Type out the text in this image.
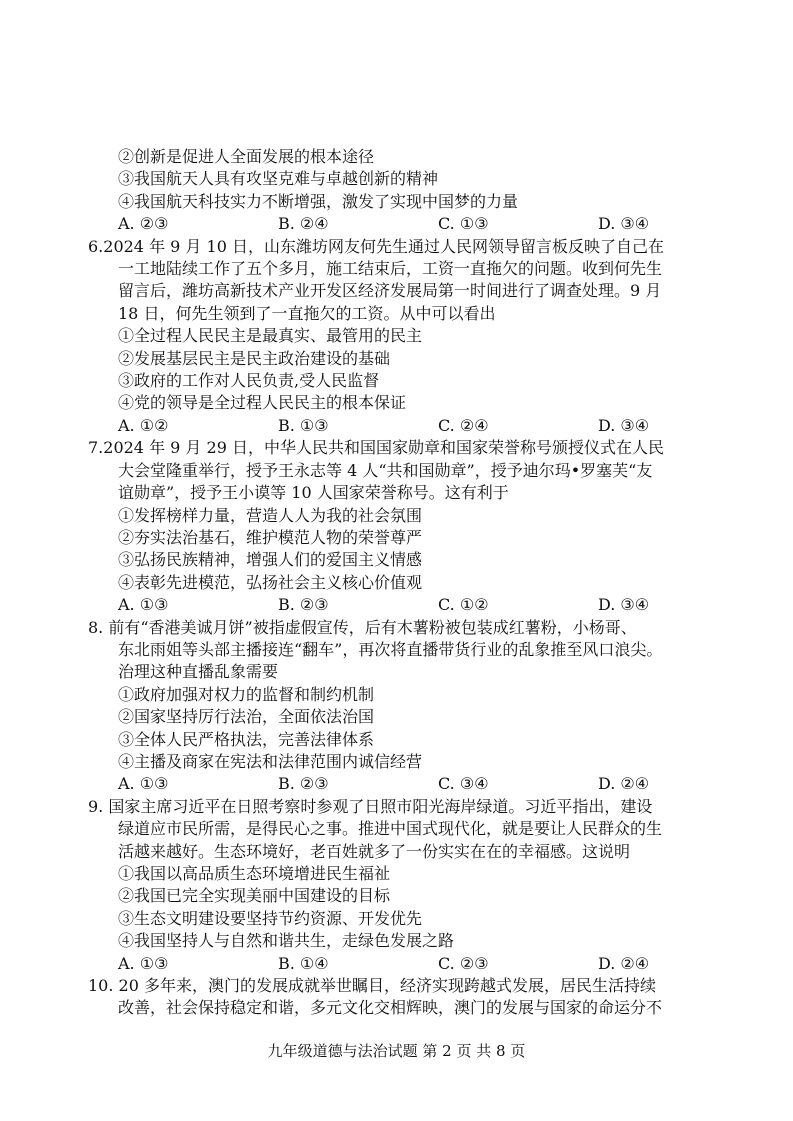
②创新是促进人全面发展的根本途径
③我国航天人具有攻坚克难与卓越创新的精神
④我国航天科技实力不断增强，激发了实现中国梦的力量
A. ②③	B. ②④	C. ①③	D. ③④
6.2024 年 9 月 10 日，山东潍坊网友何先生通过人民网领导留言板反映了自己在
一工地陆续工作了五个多月，施工结束后，工资一直拖欠的问题。收到何先生
留言后，潍坊高新技术产业开发区经济发展局第一时间进行了调查处理。9 月
18 日，何先生领到了一直拖欠的工资。从中可以看出
①全过程人民民主是最真实、最管用的民主
②发展基层民主是民主政治建设的基础
③政府的工作对人民负责,受人民监督
④党的领导是全过程人民民主的根本保证
A. ①②	B. ①③	C. ②④	D. ③④
7.2024 年 9 月 29 日，中华人民共和国国家勋章和国家荣誉称号颁授仪式在人民
大会堂隆重举行，授予王永志等 4 人“共和国勋章”，授予迪尔玛•罗塞芙“友
谊勋章”，授予王小谟等 10 人国家荣誉称号。这有利于
①发挥榜样力量，营造人人为我的社会氛围
②夯实法治基石，维护模范人物的荣誉尊严
③弘扬民族精神，增强人们的爱国主义情感
④表彰先进模范，弘扬社会主义核心价值观
A. ①③	B. ②③	C. ①②	D. ③④
8. 前有“香港美诚月饼”被指虚假宣传，后有木薯粉被包装成红薯粉，小杨哥、
东北雨姐等头部主播接连“翻车”，再次将直播带货行业的乱象推至风口浪尖。
治理这种直播乱象需要
①政府加强对权力的监督和制约机制
②国家坚持厉行法治，全面依法治国
③全体人民严格执法，完善法律体系
④主播及商家在宪法和法律范围内诚信经营
A. ①③	B. ②③	C. ③④	D. ②④
9. 国家主席习近平在日照考察时参观了日照市阳光海岸绿道。习近平指出，建设
绿道应市民所需，是得民心之事。推进中国式现代化，就是要让人民群众的生
活越来越好。生态环境好，老百姓就多了一份实实在在的幸福感。这说明
①我国以高品质生态环境增进民生福祉
②我国已完全实现美丽中国建设的目标
③生态文明建设要坚持节约资源、开发优先
④我国坚持人与自然和谐共生，走绿色发展之路
A. ①③	B. ①④	C. ②③	D. ②④
10. 20 多年来，澳门的发展成就举世瞩目，经济实现跨越式发展，居民生活持续
改善，社会保持稳定和谐，多元文化交相辉映，澳门的发展与国家的命运分不
九年级道德与法治试题 第 2 页 共 8 页
